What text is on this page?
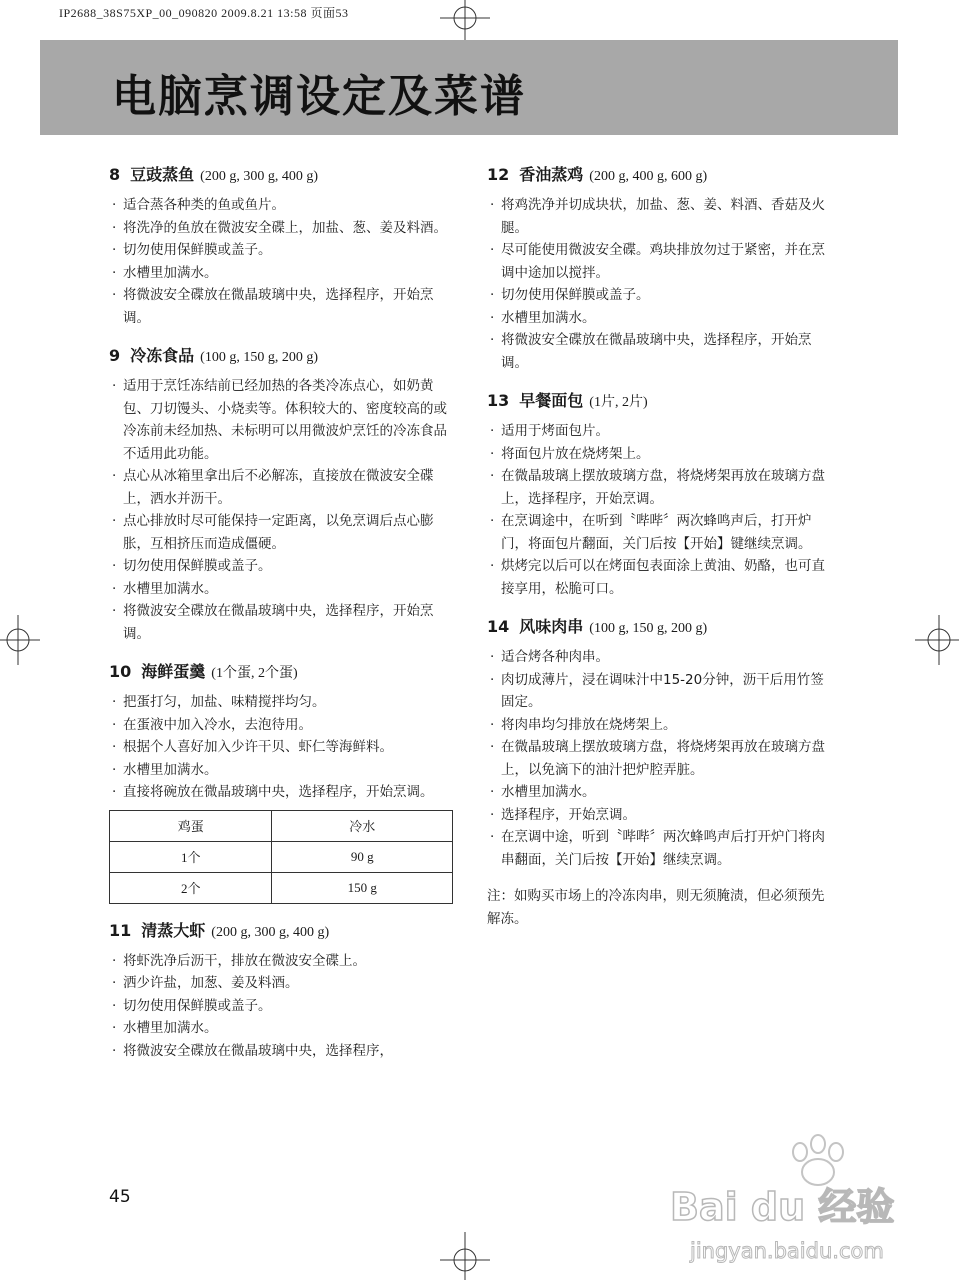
IP2688_38S75XP_00_090820 2009.8.21 13:58 页面53
电脑烹调设定及菜谱
8 豆豉蒸鱼 (200 g, 300 g, 400 g)
· 适合蒸各种类的鱼或鱼片。
· 将洗净的鱼放在微波安全碟上，加盐、葱、姜及料酒。
· 切勿使用保鲜膜或盖子。
· 水槽里加满水。
· 将微波安全碟放在微晶玻璃中央，选择程序，开始烹调。
9 冷冻食品 (100 g, 150 g, 200 g)
· 适用于烹饪冻结前已经加热的各类冷冻点心，如奶黄包、刀切馒头、小烧卖等。体积较大的、密度较高的或冷冻前未经加热、未标明可以用微波炉烹饪的冷冻食品不适用此功能。
· 点心从冰箱里拿出后不必解冻，直接放在微波安全碟上，洒水并沥干。
· 点心排放时尽可能保持一定距离，以免烹调后点心膨胀，互相挤压而造成僵硬。
· 切勿使用保鲜膜或盖子。
· 水槽里加满水。
· 将微波安全碟放在微晶玻璃中央，选择程序，开始烹调。
10 海鲜蛋羹 (1个蛋, 2个蛋)
· 把蛋打匀，加盐、味精搅拌均匀。
· 在蛋液中加入冷水，去泡待用。
· 根据个人喜好加入少许干贝、虾仁等海鲜料。
· 水槽里加满水。
· 直接将碗放在微晶玻璃中央，选择程序，开始烹调。
鸡蛋	冷水
1个	90 g
2个	150 g
11 清蒸大虾 (200 g, 300 g, 400 g)
· 将虾洗净后沥干，排放在微波安全碟上。
· 洒少许盐，加葱、姜及料酒。
· 切勿使用保鲜膜或盖子。
· 水槽里加满水。
· 将微波安全碟放在微晶玻璃中央，选择程序，
12 香油蒸鸡 (200 g, 400 g, 600 g)
· 将鸡洗净并切成块状，加盐、葱、姜、料酒、香菇及火腿。
· 尽可能使用微波安全碟。鸡块排放勿过于紧密，并在烹调中途加以搅拌。
· 切勿使用保鲜膜或盖子。
· 水槽里加满水。
· 将微波安全碟放在微晶玻璃中央，选择程序，开始烹调。
13 早餐面包 (1片, 2片)
· 适用于烤面包片。
· 将面包片放在烧烤架上。
· 在微晶玻璃上摆放玻璃方盘，将烧烤架再放在玻璃方盘上，选择程序，开始烹调。
· 在烹调途中，在听到〝哔哔〞两次蜂鸣声后，打开炉门，将面包片翻面，关门后按【开始】键继续烹调。
· 烘烤完以后可以在烤面包表面涂上黄油、奶酪，也可直接享用，松脆可口。
14 风味肉串 (100 g, 150 g, 200 g)
· 适合烤各种肉串。
· 肉切成薄片，浸在调味汁中15-20分钟，沥干后用竹签固定。
· 将肉串均匀排放在烧烤架上。
· 在微晶玻璃上摆放玻璃方盘，将烧烤架再放在玻璃方盘上，以免滴下的油汁把炉腔弄脏。
· 水槽里加满水。
· 选择程序，开始烹调。
· 在烹调中途，听到〝哔哔〞两次蜂鸣声后打开炉门将肉串翻面，关门后按【开始】继续烹调。
注：如购买市场上的冷冻肉串，则无须腌渍，但必须预先解冻。
45	Bai du 经验
jingyan.baidu.com
